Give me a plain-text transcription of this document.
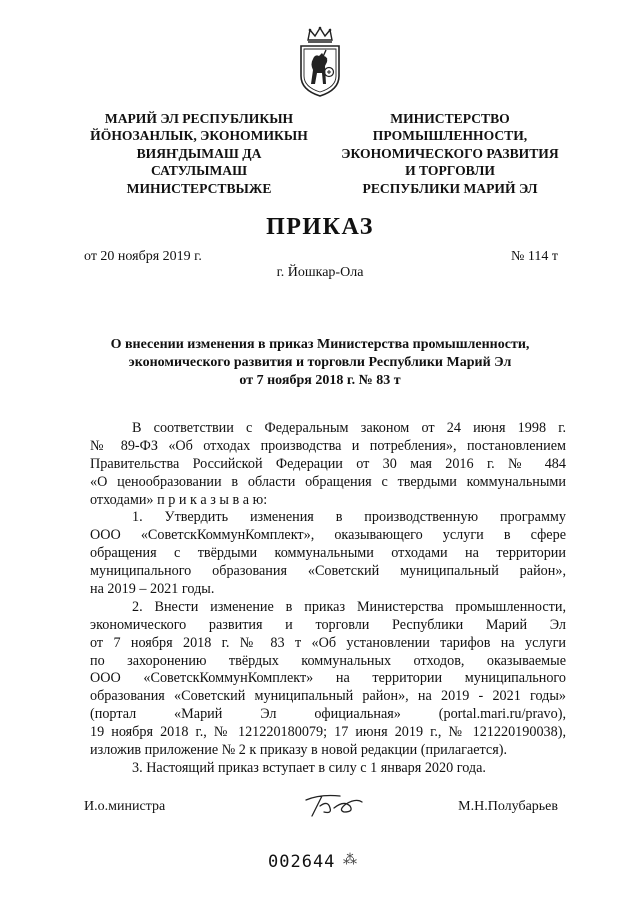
МАРИЙ ЭЛ РЕСПУБЛИКЫН
ЙӦНОЗАНЛЫК, ЭКОНОМИКЫН
ВИЯҤДЫМАШ ДА
САТУЛЫМАШ
МИНИСТЕРСТВЫЖЕ
МИНИСТЕРСТВО
ПРОМЫШЛЕННОСТИ,
ЭКОНОМИЧЕСКОГО РАЗВИТИЯ
И ТОРГОВЛИ
РЕСПУБЛИКИ МАРИЙ ЭЛ
ПРИКАЗ
от 20 ноября 2019 г.	№ 114 т
г. Йошкар-Ола
О внесении изменения в приказ Министерства промышленности,
экономического развития и торговли Республики Марий Эл
от 7 ноября 2018 г. № 83 т
В соответствии с Федеральным законом от 24 июня 1998 г.
№ 89-ФЗ «Об отходах производства и потребления», постановлением
Правительства Российской Федерации от 30 мая 2016 г. № 484
«О ценообразовании в области обращения с твердыми коммунальными
отходами» п р и к а з ы в а ю:
1. Утвердить изменения в производственную программу
ООО «СоветскКоммунКомплект», оказывающего услуги в сфере
обращения с твёрдыми коммунальными отходами на территории
муниципального образования «Советский муниципальный район»,
на 2019 – 2021 годы.
2. Внести изменение в приказ Министерства промышленности,
экономического развития и торговли Республики Марий Эл
от 7 ноября 2018 г. № 83 т «Об установлении тарифов на услуги
по захоронению твёрдых коммунальных отходов, оказываемые
ООО «СоветскКоммунКомплект» на территории муниципального
образования «Советский муниципальный район», на 2019 - 2021 годы»
(портал «Марий Эл официальная» (portal.mari.ru/pravo),
19 ноября 2018 г., № 121220180079; 17 июня 2019 г., № 121220190038),
изложив приложение № 2 к приказу в новой редакции (прилагается).
3. Настоящий приказ вступает в силу с 1 января 2020 года.
И.о.министра	М.Н.Полубарьев
002644 ⁂
